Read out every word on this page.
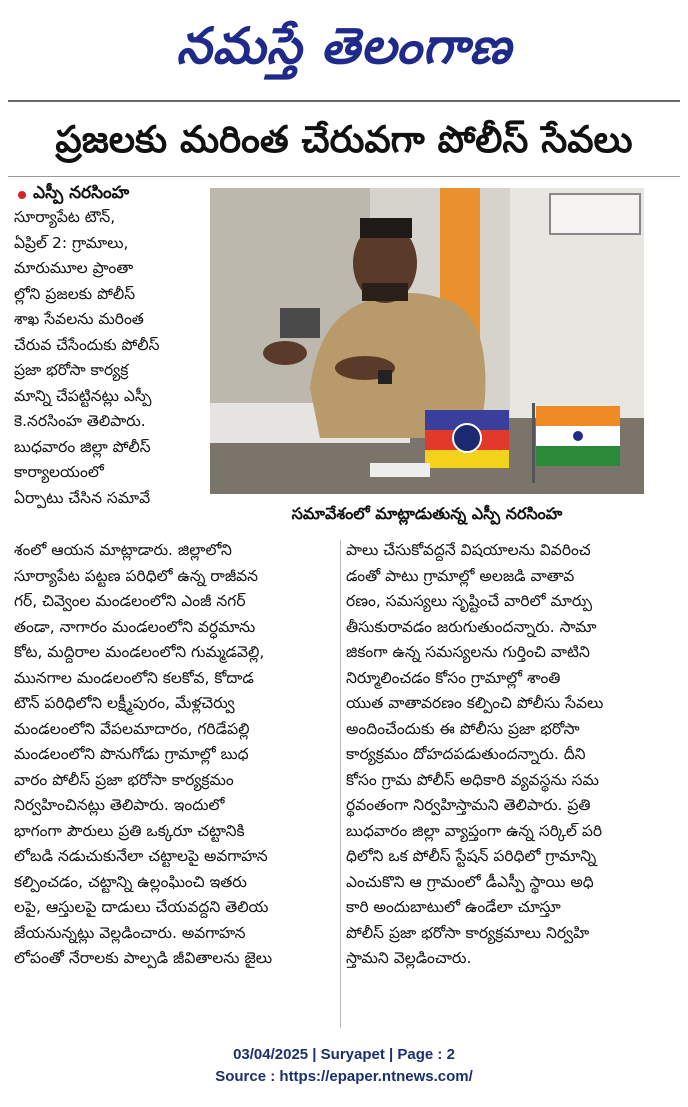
నమస్తే తెలంగాణ
ప్రజలకు మరింత చేరువగా పోలీస్ సేవలు
ఎస్పీ నరసింహ

సూర్యాపేట టౌన్,

ఏప్రిల్ 2: గ్రామాలు,

మారుమూల ప్రాంతా

ల్లోని ప్రజలకు పోలీస్

శాఖ సేవలను మరింత

చేరువ చేసేందుకు పోలీస్

ప్రజా భరోసా కార్యక్ర

మాన్ని చేపట్టినట్లు ఎస్పీ

కె.నరసింహ తెలిపారు.

బుధవారం జిల్లా పోలీస్

కార్యాలయంలో

ఏర్పాటు చేసిన సమావే

సమావేశంలో మాట్లాడుతున్న ఎస్పీ నరసింహ

శంలో ఆయన మాట్లాడారు. జిల్లాలోని

సూర్యాపేట పట్టణ పరిధిలో ఉన్న రాజీవన

గర్, చివ్వెంల మండలంలోని ఎంజీ నగర్

తండా, నాగారం మండలంలోని వర్ధమాను

కోట, మద్దిరాల మండలంలోని గుమ్మడవెల్లి,

మునగాల మండలంలోని కలకోవ, కోదాడ

టౌన్ పరిధిలోని లక్ష్మీపురం, మేళ్లచెర్వు

మండలంలోని వేపలమాదారం, గరిడేపల్లి

మండలంలోని పొనుగోడు గ్రామాల్లో బుధ

వారం పోలీస్ ప్రజా భరోసా కార్యక్రమం

నిర్వహించినట్లు తెలిపారు. ఇందులో

భాగంగా పౌరులు ప్రతి ఒక్కరూ చట్టానికి

లోబడి నడుచుకునేలా చట్టాలపై అవగాహన

కల్పించడం, చట్టాన్ని ఉల్లంఘించి ఇతరు

లపై, ఆస్తులపై దాడులు చేయవద్దని తెలియ

జేయనున్నట్లు వెల్లడించారు. అవగాహన

లోపంతో నేరాలకు పాల్పడి జీవితాలను జైలు

పాలు చేసుకోవద్దనే విషయాలను వివరించ

డంతో పాటు గ్రామాల్లో అలజడి వాతావ

రణం, సమస్యలు సృష్టించే వారిలో మార్పు

తీసుకురావడం జరుగుతుందన్నారు. సామా

జికంగా ఉన్న సమస్యలను గుర్తించి వాటిని

నిర్మూలించడం కోసం గ్రామాల్లో శాంతి

యుత వాతావరణం కల్పించి పోలీసు సేవలు

అందించేందుకు ఈ పోలీసు ప్రజా భరోసా

కార్యక్రమం దోహదపడుతుందన్నారు. దీని

కోసం గ్రామ పోలీస్ అధికారి వ్యవస్థను సమ

ర్థవంతంగా నిర్వహిస్తామని తెలిపారు. ప్రతి

బుధవారం జిల్లా వ్యాప్తంగా ఉన్న సర్కిల్ పరి

ధిలోని ఒక పోలీస్ స్టేషన్ పరిధిలో గ్రామాన్ని

ఎంచుకొని ఆ గ్రామంలో డీఎస్పీ స్థాయి అధి

కారి అందుబాటులో ఉండేలా చూస్తూ

పోలీస్ ప్రజా భరోసా కార్యక్రమాలు నిర్వహి

స్తామని వెల్లడించారు.

03/04/2025 | Suryapet | Page : 2
Source : https://epaper.ntnews.com/
